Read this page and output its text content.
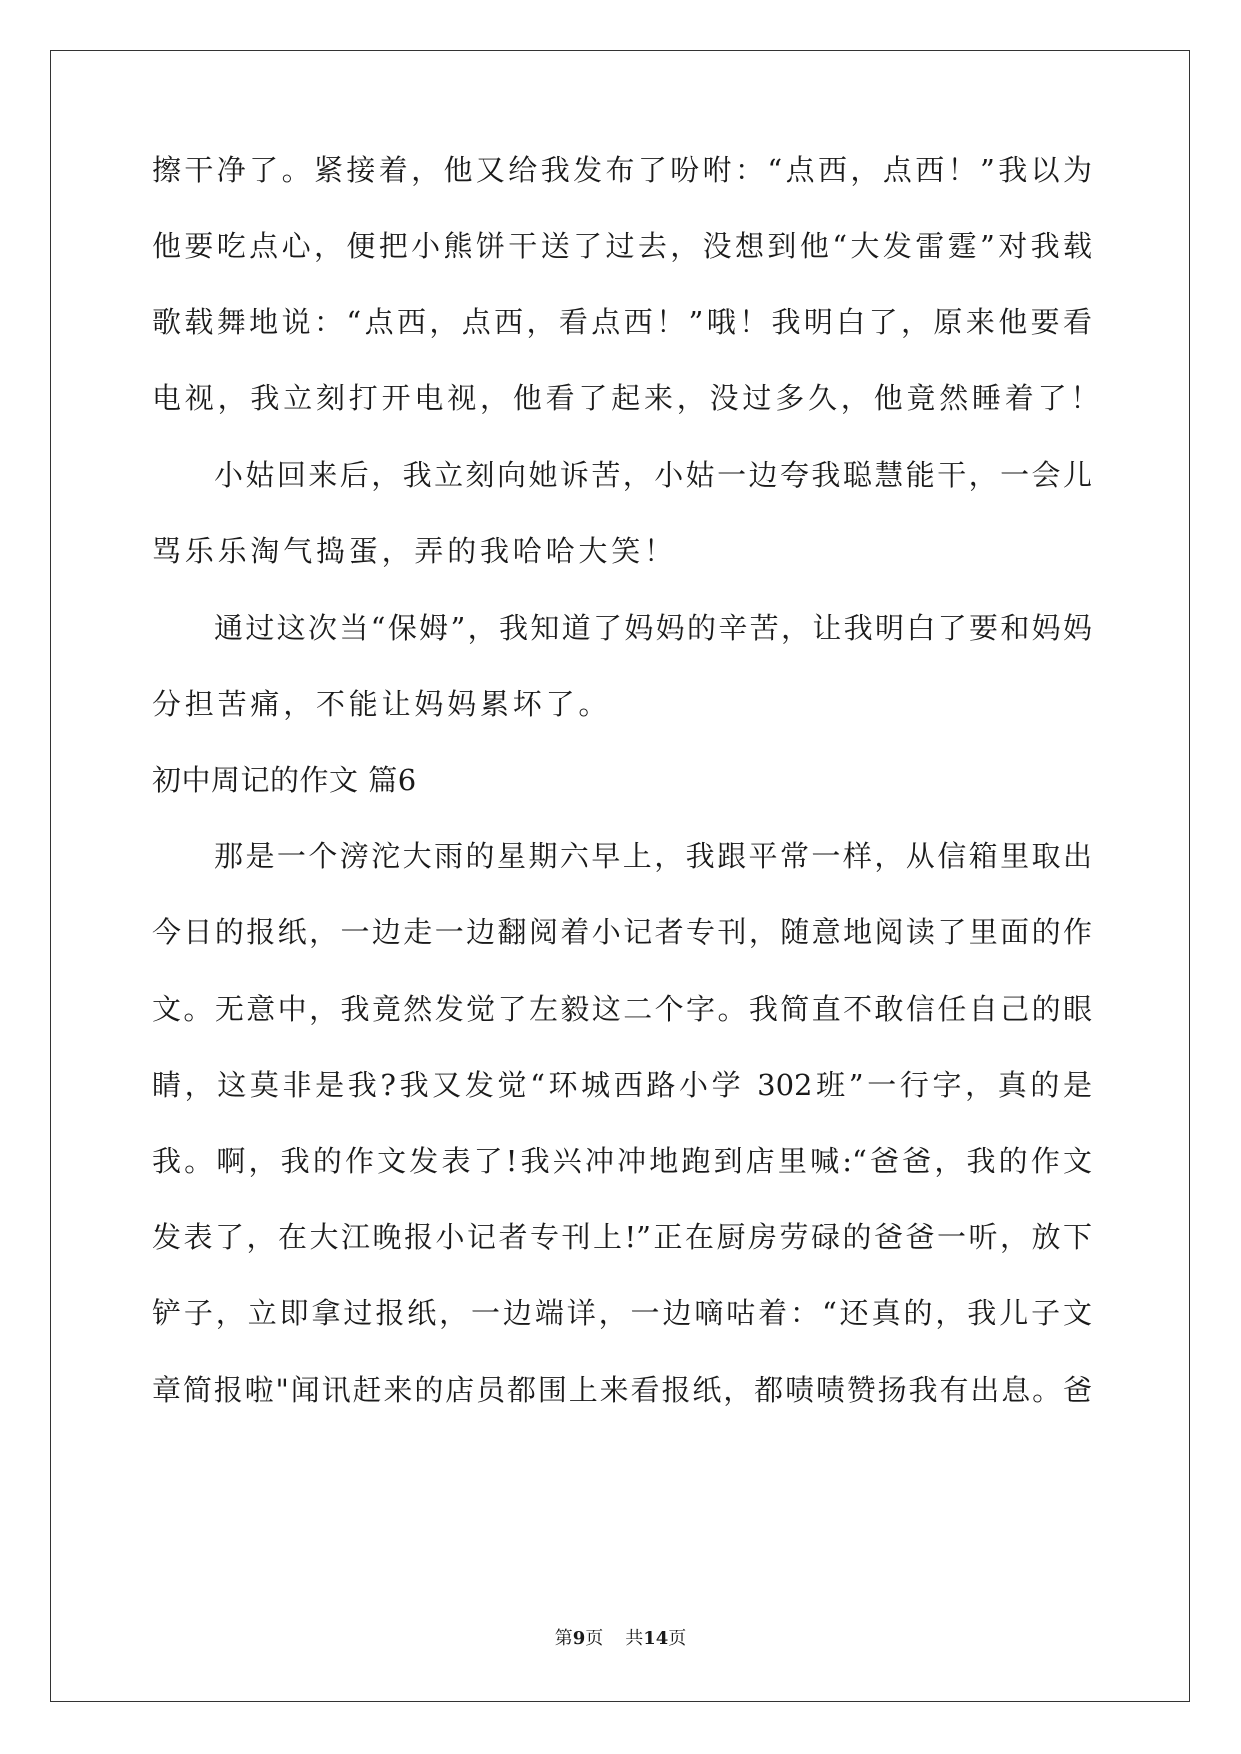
擦干净了。紧接着，他又给我发布了吩咐：“点西，点西！”我以为
他要吃点心，便把小熊饼干送了过去，没想到他“大发雷霆”对我载
歌载舞地说：“点西，点西，看点西！”哦！我明白了，原来他要看
电视，我立刻打开电视，他看了起来，没过多久，他竟然睡着了！
小姑回来后，我立刻向她诉苦，小姑一边夸我聪慧能干，一会儿
骂乐乐淘气捣蛋，弄的我哈哈大笑！
通过这次当“保姆”，我知道了妈妈的辛苦，让我明白了要和妈妈
分担苦痛，不能让妈妈累坏了。
初中周记的作文 篇6
那是一个滂沱大雨的星期六早上，我跟平常一样，从信箱里取出
今日的报纸，一边走一边翻阅着小记者专刊，随意地阅读了里面的作
文。无意中，我竟然发觉了左毅这二个字。我简直不敢信任自己的眼
睛，这莫非是我?我又发觉“环城西路小学 302班”一行字，真的是
我。啊，我的作文发表了!我兴冲冲地跑到店里喊:“爸爸，我的作文
发表了，在大江晚报小记者专刊上!”正在厨房劳碌的爸爸一听，放下
铲子，立即拿过报纸，一边端详，一边嘀咕着：“还真的，我儿子文
章简报啦"闻讯赶来的店员都围上来看报纸，都啧啧赞扬我有出息。爸
第9页 共14页
